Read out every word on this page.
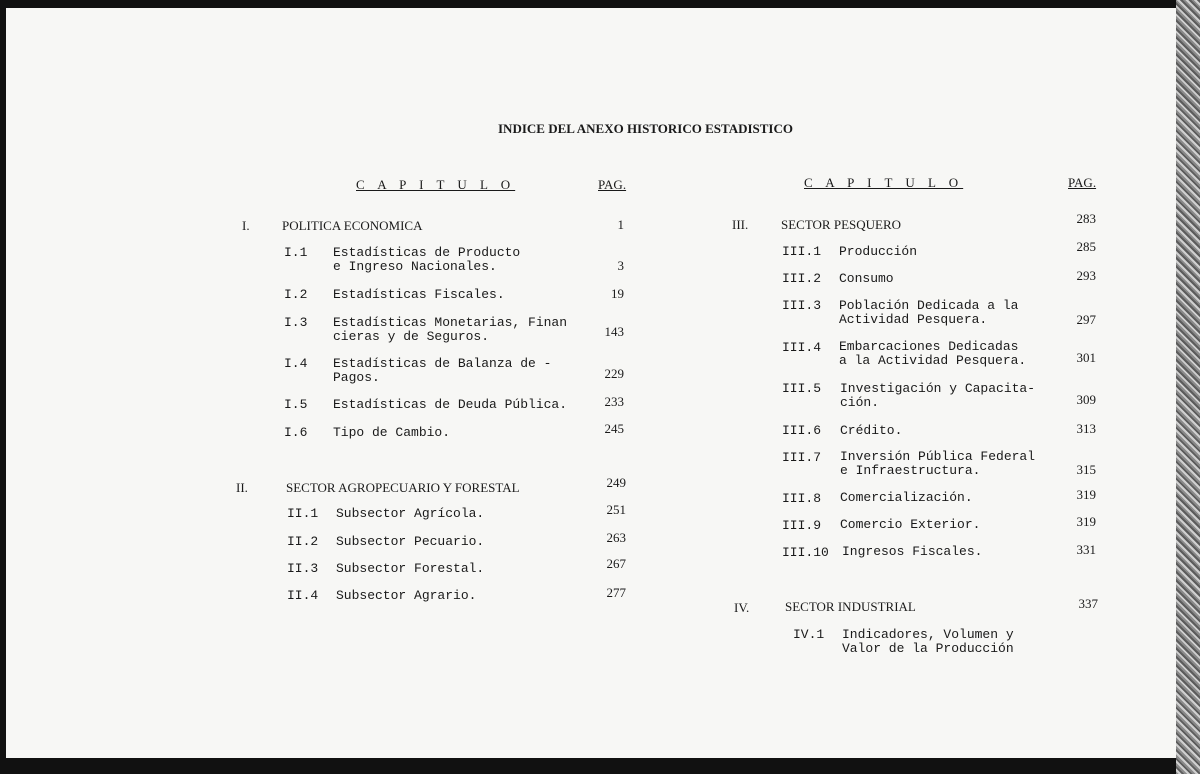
INDICE DEL ANEXO HISTORICO ESTADISTICO
C A P I T U L O	PAG.	C A P I T U L O	PAG.
I. POLITICA ECONOMICA	1
I.1 Estadísticas de Producto
e Ingreso Nacionales.	3
I.2 Estadísticas Fiscales.	19
I.3 Estadísticas Monetarias, Finan
cieras y de Seguros.	143
I.4 Estadísticas de Balanza de -
Pagos.	229
I.5 Estadísticas de Deuda Pública.	233
I.6 Tipo de Cambio.	245
II.	SECTOR AGROPECUARIO Y FORESTAL	249
II.1 Subsector Agrícola.	251
II.2 Subsector Pecuario.	263
II.3 Subsector Forestal.	267
II.4 Subsector Agrario.	277
III.	SECTOR PESQUERO	283
III.1 Producción	285
III.2 Consumo	293
III.3 Población Dedicada a la
Actividad Pesquera.	297
III.4 Embarcaciones Dedicadas
a la Actividad Pesquera.	301
III.5 Investigación y Capacita-
ción.	309
III.6 Crédito.	313
III.7 Inversión Pública Federal
e Infraestructura.	315
III.8 Comercialización.	319
III.9 Comercio Exterior.	319
III.10 Ingresos Fiscales.	331
IV.	SECTOR INDUSTRIAL	337
IV.1 Indicadores, Volumen y
Valor de la Producción
